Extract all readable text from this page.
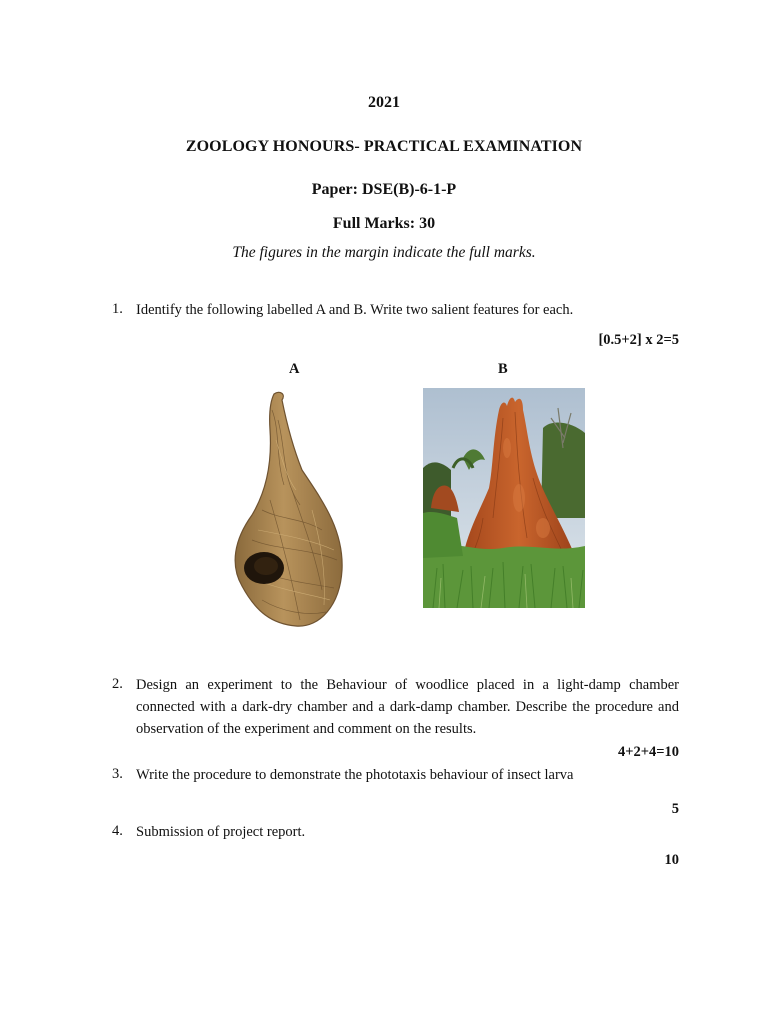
2021
ZOOLOGY HONOURS- PRACTICAL EXAMINATION
Paper: DSE(B)-6-1-P
Full Marks: 30
The figures in the margin indicate the full marks.
1. Identify the following labelled A and B. Write two salient features for each.
[0.5+2] x 2=5
A	B
2. Design an experiment to the Behaviour of woodlice placed in a light-damp chamber connected with a dark-dry chamber and a dark-damp chamber. Describe the procedure and observation of the experiment and comment on the results.
4+2+4=10
3. Write the procedure to demonstrate the phototaxis behaviour of insect larva
5
4. Submission of project report.
10
